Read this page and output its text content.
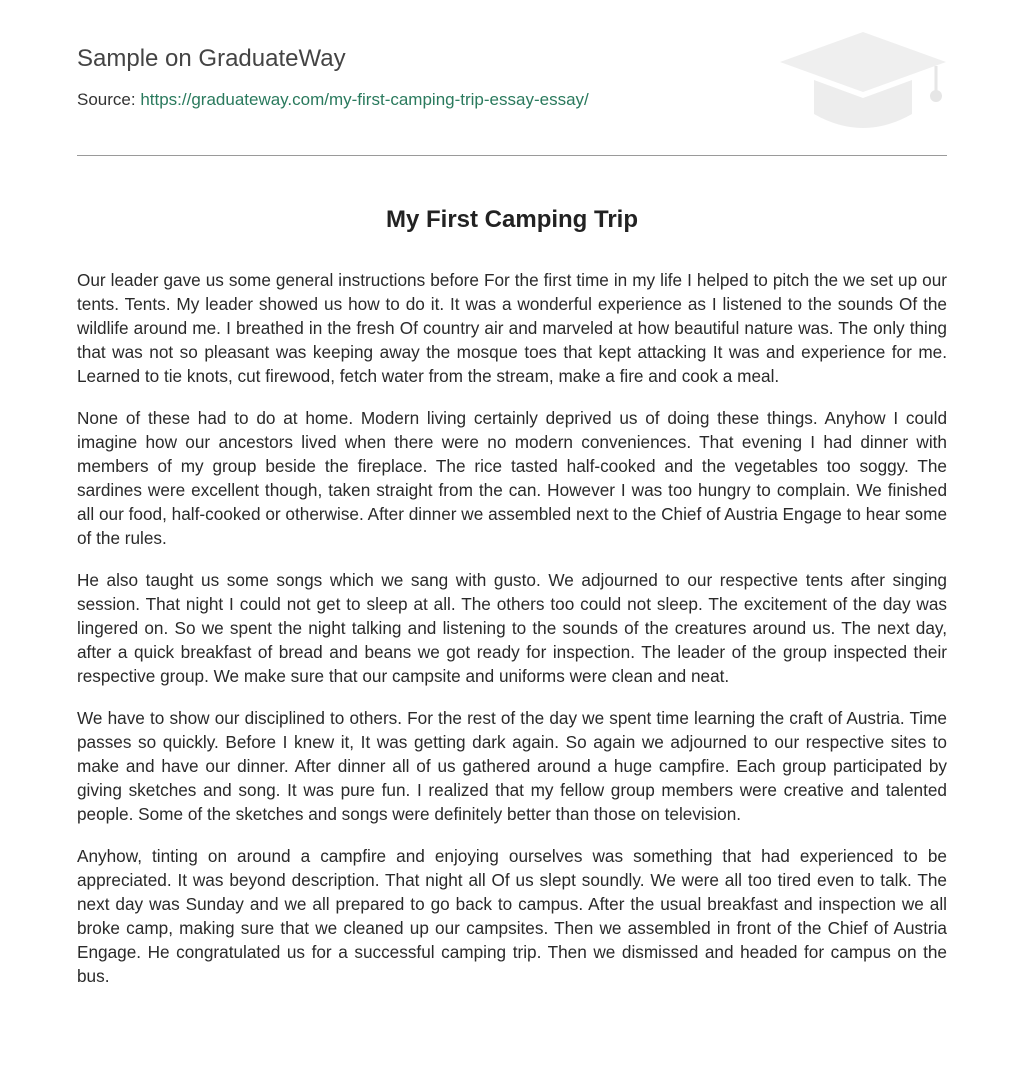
Sample on GraduateWay
Source: https://graduateway.com/my-first-camping-trip-essay-essay/
My First Camping Trip

Our leader gave us some general instructions before For the first time in my life I helped to pitch the we set up our tents. Tents. My leader showed us how to do it. It was a wonderful experience as I listened to the sounds Of the wildlife around me. I breathed in the fresh Of country air and marveled at how beautiful nature was. The only thing that was not so pleasant was keeping away the mosque toes that kept attacking It was and experience for me. Learned to tie knots, cut firewood, fetch water from the stream, make a fire and cook a meal.

None of these had to do at home. Modern living certainly deprived us of doing these things. Anyhow I could imagine how our ancestors lived when there were no modern conveniences. That evening I had dinner with members of my group beside the fireplace. The rice tasted half-cooked and the vegetables too soggy. The sardines were excellent though, taken straight from the can. However I was too hungry to complain. We finished all our food, half-cooked or otherwise. After dinner we assembled next to the Chief of Austria Engage to hear some of the rules.

He also taught us some songs which we sang with gusto. We adjourned to our respective tents after singing session. That night I could not get to sleep at all. The others too could not sleep. The excitement of the day was lingered on. So we spent the night talking and listening to the sounds of the creatures around us. The next day, after a quick breakfast of bread and beans we got ready for inspection. The leader of the group inspected their respective group. We make sure that our campsite and uniforms were clean and neat.

We have to show our disciplined to others. For the rest of the day we spent time learning the craft of Austria. Time passes so quickly. Before I knew it, It was getting dark again. So again we adjourned to our respective sites to make and have our dinner. After dinner all of us gathered around a huge campfire. Each group participated by giving sketches and song. It was pure fun. I realized that my fellow group members were creative and talented people. Some of the sketches and songs were definitely better than those on television.

Anyhow, tinting on around a campfire and enjoying ourselves was something that had experienced to be appreciated. It was beyond description. That night all Of us slept soundly. We were all too tired even to talk. The next day was Sunday and we all prepared to go back to campus. After the usual breakfast and inspection we all broke camp, making sure that we cleaned up our campsites. Then we assembled in front of the Chief of Austria Engage. He congratulated us for a successful camping trip. Then we dismissed and headed for campus on the bus.
